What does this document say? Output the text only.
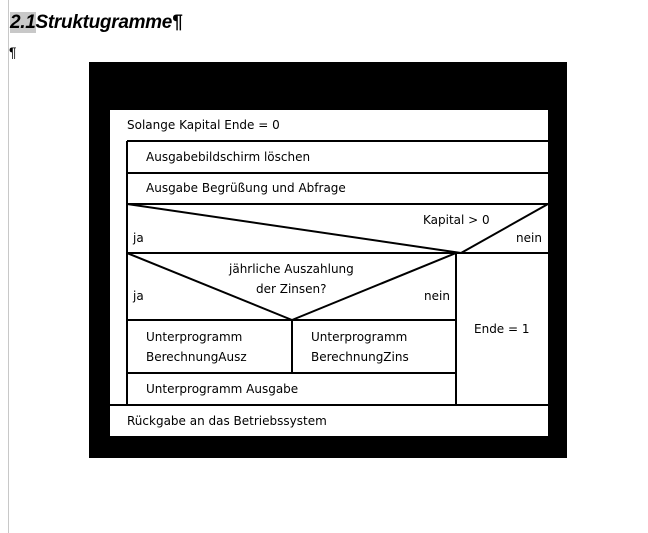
2.1Struktugramme¶
¶
Solange Kapital Ende = 0
Ausgabebildschirm löschen
Ausgabe Begrüßung und Abfrage
Kapital > 0
ja	nein
jährliche Auszahlung
der Zinsen?
ja	nein
Unterprogramm
BerechnungAusz
Unterprogramm
BerechnungZins
Ende = 1
Unterprogramm Ausgabe
Rückgabe an das Betriebssystem
